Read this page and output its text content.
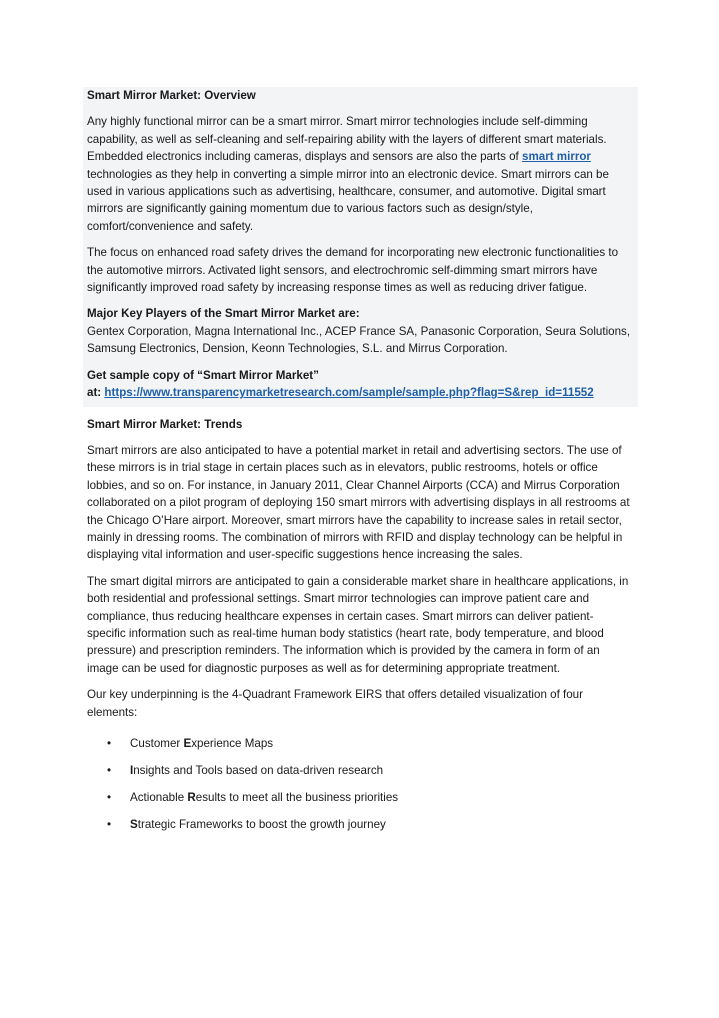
Smart Mirror Market: Overview

Any highly functional mirror can be a smart mirror. Smart mirror technologies include self-dimming capability, as well as self-cleaning and self-repairing ability with the layers of different smart materials. Embedded electronics including cameras, displays and sensors are also the parts of smart mirror technologies as they help in converting a simple mirror into an electronic device. Smart mirrors can be used in various applications such as advertising, healthcare, consumer, and automotive. Digital smart mirrors are significantly gaining momentum due to various factors such as design/style, comfort/convenience and safety.

The focus on enhanced road safety drives the demand for incorporating new electronic functionalities to the automotive mirrors. Activated light sensors, and electrochromic self-dimming smart mirrors have significantly improved road safety by increasing response times as well as reducing driver fatigue.

Major Key Players of the Smart Mirror Market are:
Gentex Corporation, Magna International Inc., ACEP France SA, Panasonic Corporation, Seura Solutions, Samsung Electronics, Dension, Keonn Technologies, S.L. and Mirrus Corporation.

Get sample copy of “Smart Mirror Market”
at: https://www.transparencymarketresearch.com/sample/sample.php?flag=S&rep_id=11552

Smart Mirror Market: Trends

Smart mirrors are also anticipated to have a potential market in retail and advertising sectors. The use of these mirrors is in trial stage in certain places such as in elevators, public restrooms, hotels or office lobbies, and so on. For instance, in January 2011, Clear Channel Airports (CCA) and Mirrus Corporation collaborated on a pilot program of deploying 150 smart mirrors with advertising displays in all restrooms at the Chicago O’Hare airport. Moreover, smart mirrors have the capability to increase sales in retail sector, mainly in dressing rooms. The combination of mirrors with RFID and display technology can be helpful in displaying vital information and user-specific suggestions hence increasing the sales.

The smart digital mirrors are anticipated to gain a considerable market share in healthcare applications, in both residential and professional settings. Smart mirror technologies can improve patient care and compliance, thus reducing healthcare expenses in certain cases. Smart mirrors can deliver patient-specific information such as real-time human body statistics (heart rate, body temperature, and blood pressure) and prescription reminders. The information which is provided by the camera in form of an image can be used for diagnostic purposes as well as for determining appropriate treatment.

Our key underpinning is the 4-Quadrant Framework EIRS that offers detailed visualization of four elements:

• Customer Experience Maps
• Insights and Tools based on data-driven research
• Actionable Results to meet all the business priorities
• Strategic Frameworks to boost the growth journey
